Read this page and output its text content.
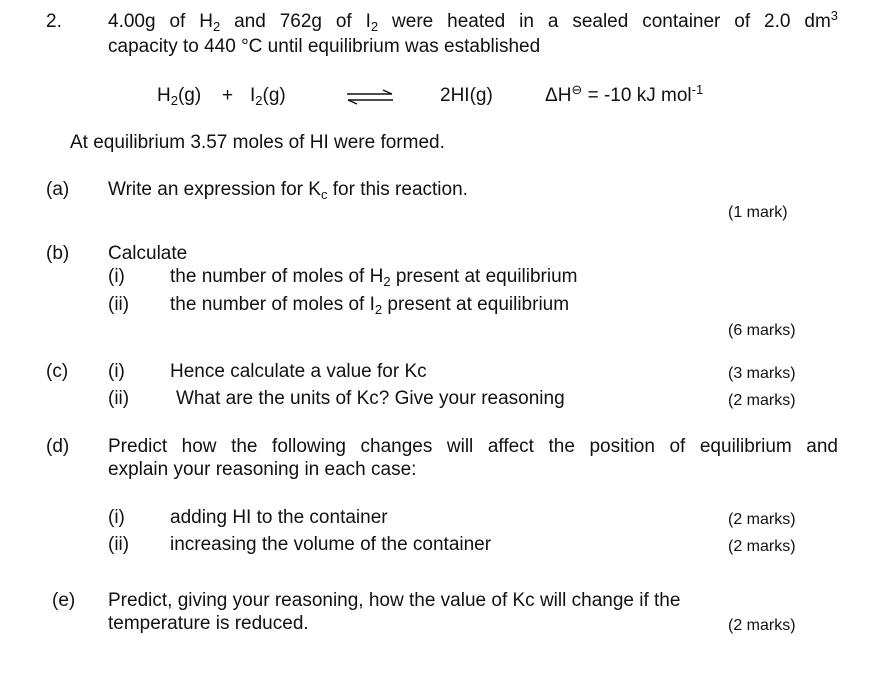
2. 4.00g of $H_2$ and 762g of $I_2$ were heated in a sealed container of 2.0 $dm^3$
capacity to 440 °C until equilibrium was established
$H_2(g) + I_2(g)$	2HI(g)	ΔH⊖ = -10 kJ mol$^{-1}$
At equilibrium 3.57 moles of HI were formed.
(a) Write an expression for $K_c$ for this reaction.
(1 mark)
(b) Calculate
(i) the number of moles of $H_2$ present at equilibrium
(ii) the number of moles of $I_2$ present at equilibrium
(6 marks)
(c) (i) Hence calculate a value for Kc	(3 marks)
(ii) What are the units of Kc? Give your reasoning	(2 marks)
(d) Predict how the following changes will affect the position of equilibrium and
explain your reasoning in each case:
(i) adding HI to the container	(2 marks)
(ii) increasing the volume of the container	(2 marks)
(e) Predict, giving your reasoning, how the value of Kc will change if the
temperature is reduced.	(2 marks)
